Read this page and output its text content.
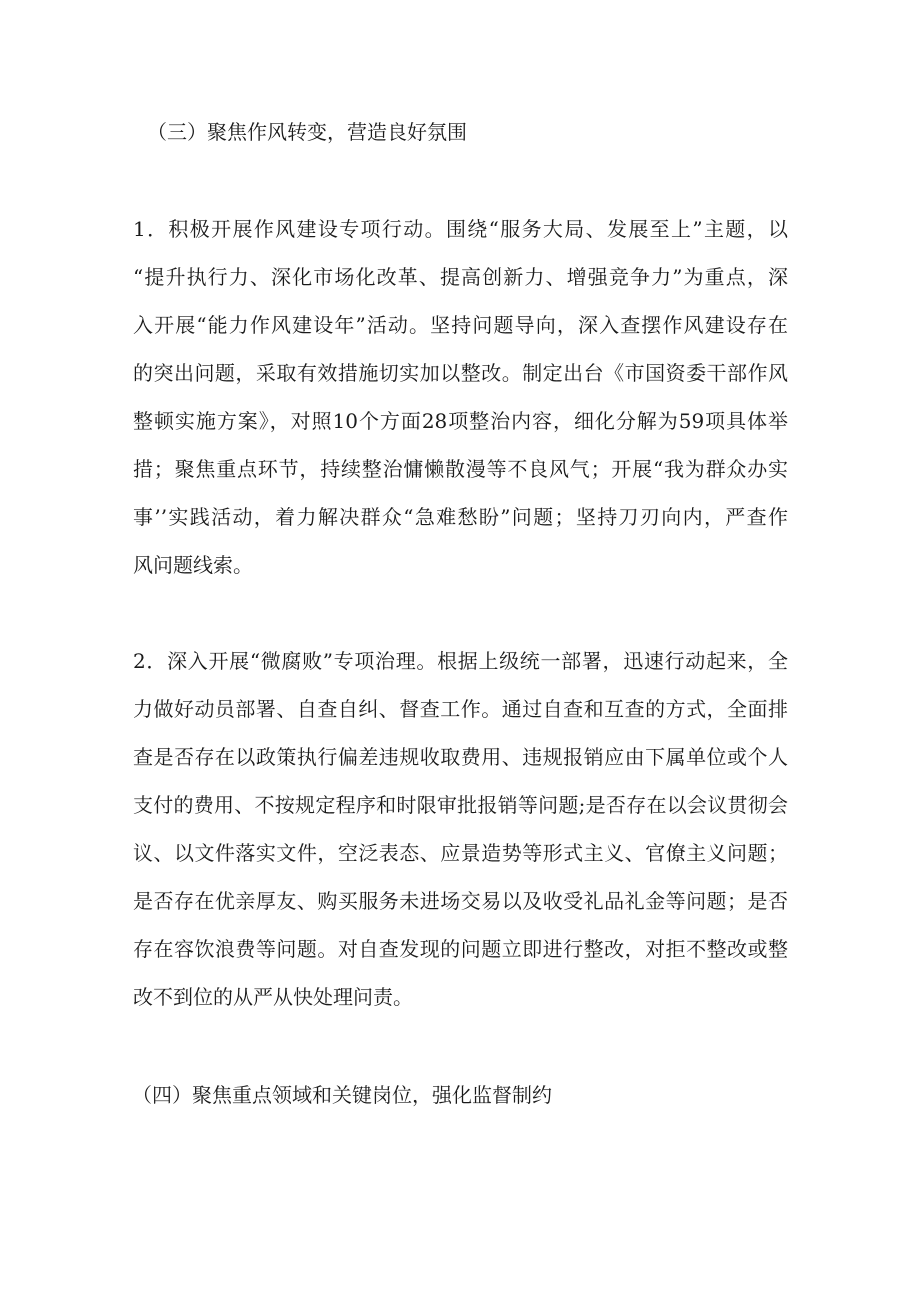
（三）聚焦作风转变，营造良好氛围
1．积极开展作风建设专项行动。围绕“服务大局、发展至上”主题，以
“提升执行力、深化市场化改革、提高创新力、增强竞争力”为重点，深
入开展“能力作风建设年”活动。坚持问题导向，深入查摆作风建设存在
的突出问题，采取有效措施切实加以整改。制定出台《市国资委干部作风
整顿实施方案》，对照10个方面28项整治内容，细化分解为59项具体举
措；聚焦重点环节，持续整治慵懒散漫等不良风气；开展“我为群众办实
事’’实践活动，着力解决群众“急难愁盼”问题；坚持刀刃向内，严查作
风问题线索。
2．深入开展“微腐败”专项治理。根据上级统一部署，迅速行动起来，全
力做好动员部署、自查自纠、督查工作。通过自查和互查的方式，全面排
查是否存在以政策执行偏差违规收取费用、违规报销应由下属单位或个人
支付的费用、不按规定程序和时限审批报销等问题;是否存在以会议贯彻会
议、以文件落实文件，空泛表态、应景造势等形式主义、官僚主义问题；
是否存在优亲厚友、购买服务未进场交易以及收受礼品礼金等问题；是否
存在容饮浪费等问题。对自查发现的问题立即进行整改，对拒不整改或整
改不到位的从严从快处理问责。
（四）聚焦重点领域和关键岗位，强化监督制约
